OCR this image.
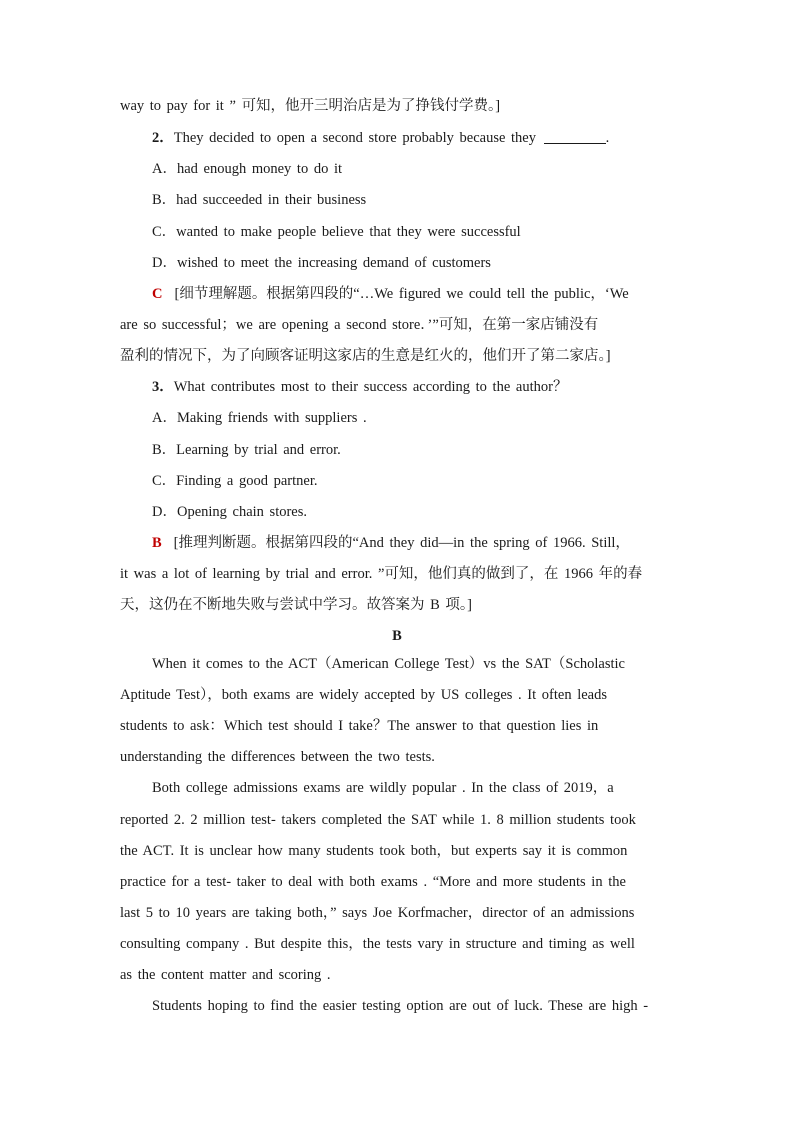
way to pay for it ” 可知，他开三明治店是为了挣钱付学费。]
2．They decided to open a second store probably because they	.
A．had enough money to do it
B．had succeeded in their business
C．wanted to make people believe that they were successful
D．wished to meet the increasing demand of customers
C [细节理解题。根据第四段的“…We figured we could tell the public，‘We
are so successful；we are opening a second store．’”可知，在第一家店铺没有
盈利的情况下，为了向顾客证明这家店的生意是红火的，他们开了第二家店。]
3．What contributes most to their success according to the author？
A．Making friends with suppliers .
B．Learning by trial and error.
C．Finding a good partner.
D．Opening chain stores.
B [推理判断题。根据第四段的“And they did—in the spring of 1966. Still，
it was a lot of learning by trial and error. ”可知，他们真的做到了，在 1966 年的春
天，这仍在不断地失败与尝试中学习。故答案为 B 项。]
B
When it comes to the ACT（American College Test）vs the SAT（Scholastic
Aptitude Test），both exams are widely accepted by US colleges . It often leads
students to ask：Which test should I take？The answer to that question lies in
understanding the differences between the two tests.
Both college admissions exams are wildly popular . In the class of 2019，a
reported 2. 2 million test- takers completed the SAT while 1. 8 million students took
the ACT. It is unclear how many students took both，but experts say it is common
practice for a test- taker to deal with both exams . “More and more students in the
last 5 to 10 years are taking both，” says Joe Korfmacher，director of an admissions
consulting company . But despite this，the tests vary in structure and timing as well
as the content matter and scoring .
Students hoping to find the easier testing option are out of luck. These are high -
